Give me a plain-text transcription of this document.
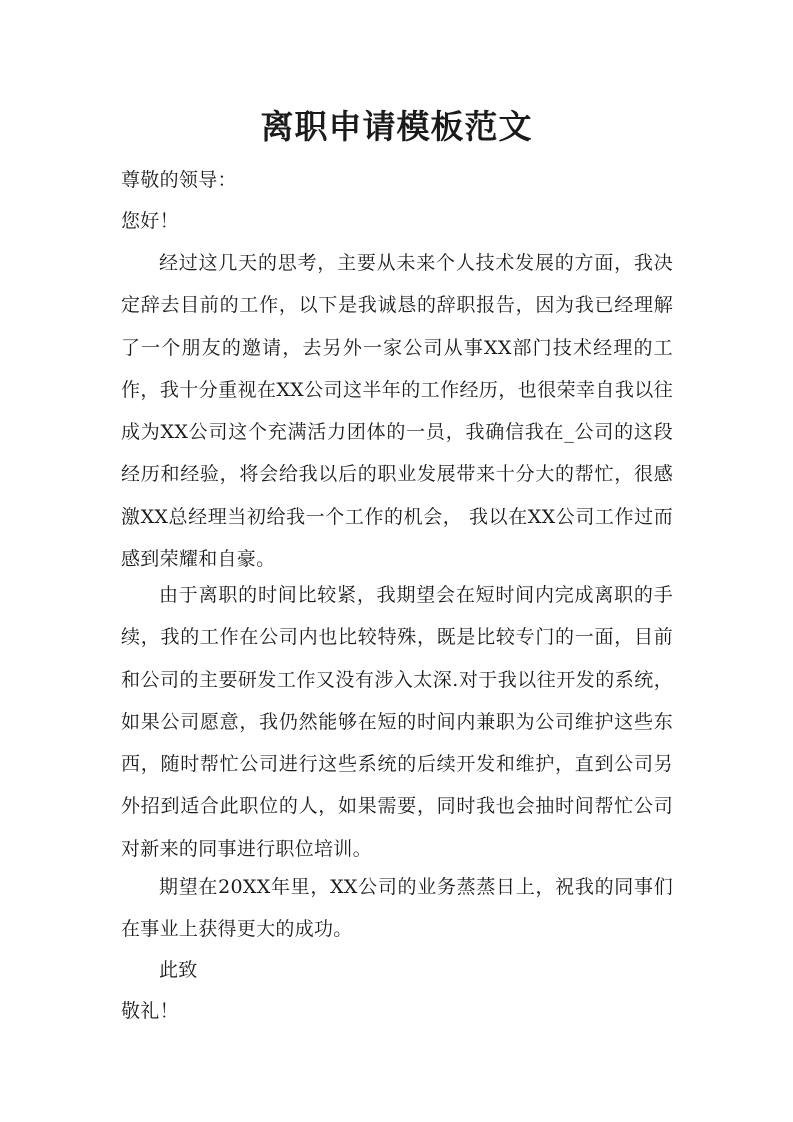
离职申请模板范文
尊敬的领导：
您好！
经过这几天的思考，主要从未来个人技术发展的方面，我决定辞去目前的工作，以下是我诚恳的辞职报告，因为我已经理解了一个朋友的邀请，去另外一家公司从事XX部门技术经理的工作，我十分重视在XX公司这半年的工作经历，也很荣幸自我以往成为XX公司这个充满活力团体的一员，我确信我在_公司的这段经历和经验，将会给我以后的职业发展带来十分大的帮忙，很感激XX总经理当初给我一个工作的机会， 我以在XX公司工作过而感到荣耀和自豪。
由于离职的时间比较紧，我期望会在短时间内完成离职的手续，我的工作在公司内也比较特殊，既是比较专门的一面，目前和公司的主要研发工作又没有涉入太深.对于我以往开发的系统，如果公司愿意，我仍然能够在短的时间内兼职为公司维护这些东西，随时帮忙公司进行这些系统的后续开发和维护，直到公司另外招到适合此职位的人，如果需要，同时我也会抽时间帮忙公司对新来的同事进行职位培训。
期望在20XX年里，XX公司的业务蒸蒸日上，祝我的同事们在事业上获得更大的成功。
此致
敬礼！
